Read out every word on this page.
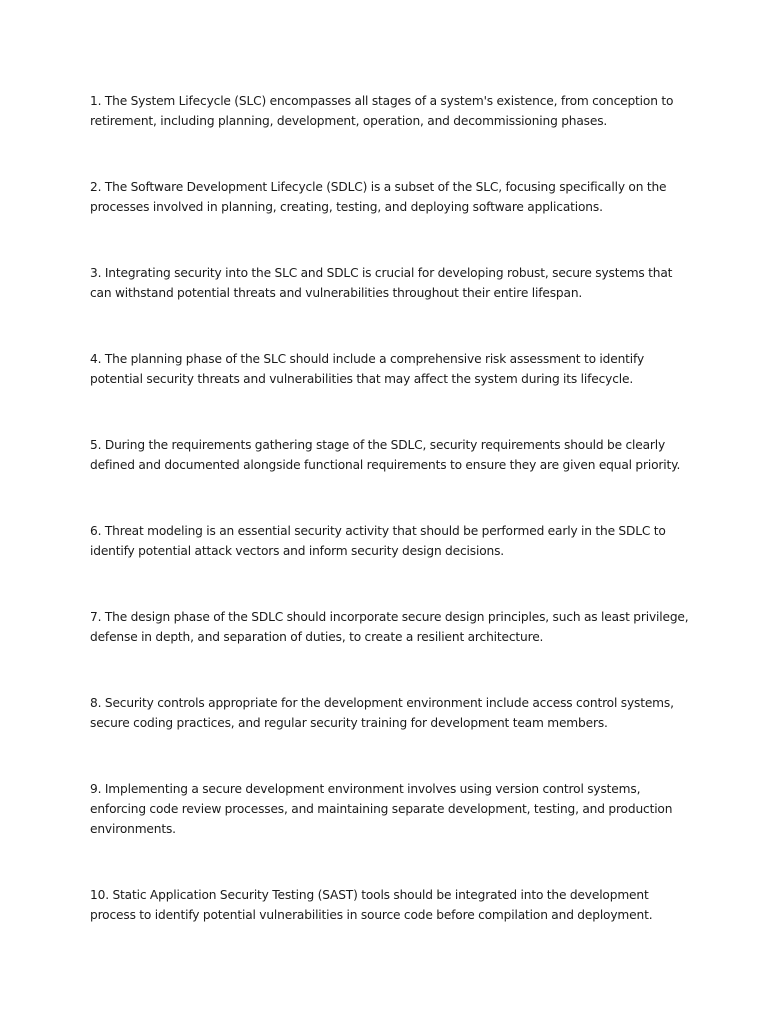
1. The System Lifecycle (SLC) encompasses all stages of a system's existence, from conception to retirement, including planning, development, operation, and decommissioning phases.

2. The Software Development Lifecycle (SDLC) is a subset of the SLC, focusing specifically on the processes involved in planning, creating, testing, and deploying software applications.

3. Integrating security into the SLC and SDLC is crucial for developing robust, secure systems that can withstand potential threats and vulnerabilities throughout their entire lifespan.

4. The planning phase of the SLC should include a comprehensive risk assessment to identify potential security threats and vulnerabilities that may affect the system during its lifecycle.

5. During the requirements gathering stage of the SDLC, security requirements should be clearly defined and documented alongside functional requirements to ensure they are given equal priority.

6. Threat modeling is an essential security activity that should be performed early in the SDLC to identify potential attack vectors and inform security design decisions.

7. The design phase of the SDLC should incorporate secure design principles, such as least privilege, defense in depth, and separation of duties, to create a resilient architecture.

8. Security controls appropriate for the development environment include access control systems, secure coding practices, and regular security training for development team members.

9. Implementing a secure development environment involves using version control systems, enforcing code review processes, and maintaining separate development, testing, and production environments.

10. Static Application Security Testing (SAST) tools should be integrated into the development process to identify potential vulnerabilities in source code before compilation and deployment.
